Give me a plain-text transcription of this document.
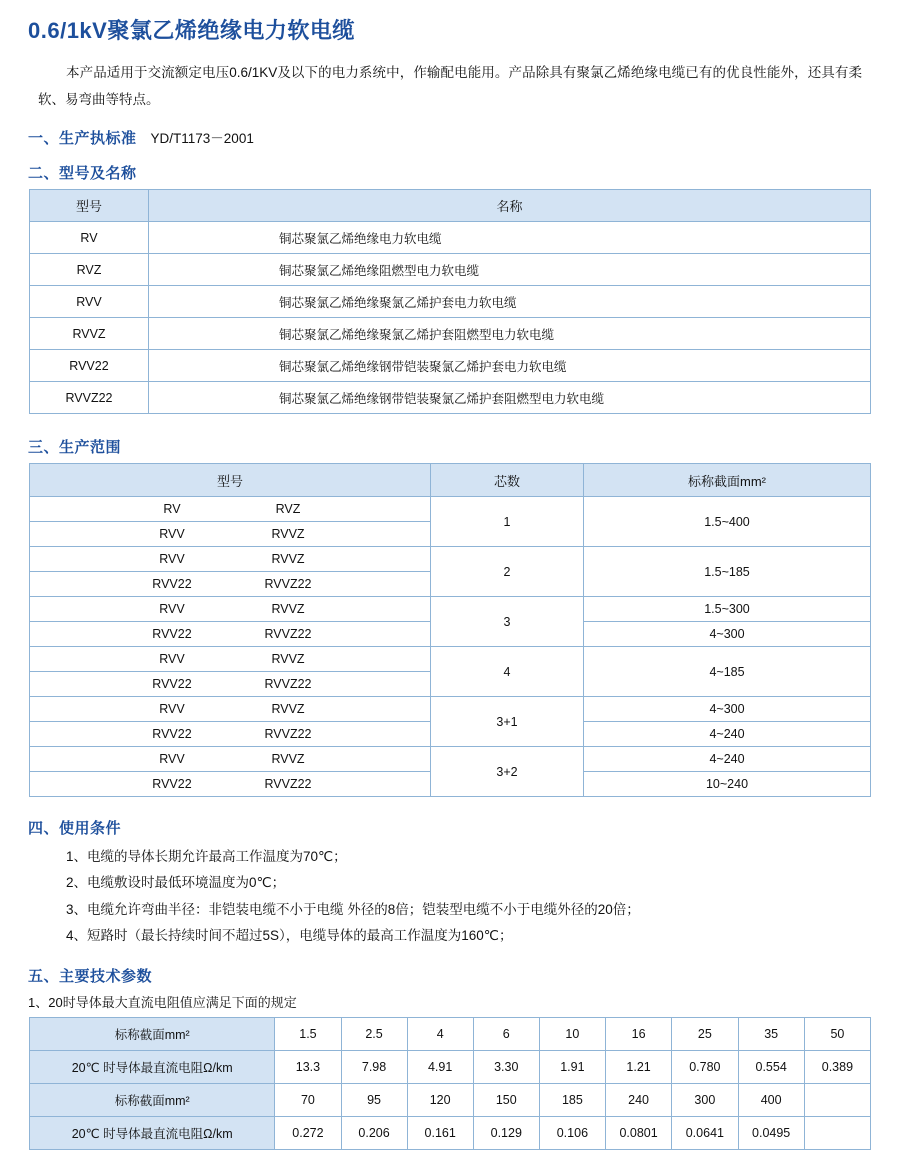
0.6/1kV聚氯乙烯绝缘电力软电缆
本产品适用于交流额定电压0.6/1KV及以下的电力系统中，作输配电能用。产品除具有聚氯乙烯绝缘电缆已有的优良性能外，还具有柔软、易弯曲等特点。
一、生产执标准 YD/T1173－2001
二、型号及名称
型号	名称
RV	铜芯聚氯乙烯绝缘电力软电缆
RVZ	铜芯聚氯乙烯绝缘阻燃型电力软电缆
RVV	铜芯聚氯乙烯绝缘聚氯乙烯护套电力软电缆
RVVZ	铜芯聚氯乙烯绝缘聚氯乙烯护套阻燃型电力软电缆
RVV22	铜芯聚氯乙烯绝缘钢带铠装聚氯乙烯护套电力软电缆
RVVZ22	铜芯聚氯乙烯绝缘钢带铠装聚氯乙烯护套阻燃型电力软电缆
三、生产范围
型号	芯数	标称截面mm²

RV RVZ	1	1.5~400

RVV RVVZ		

RVV RVVZ	2	1.5~185

RVV22 RVVZ22		

RVV RVVZ	3	1.5~300

RVV22 RVVZ22		4~300

RVV RVVZ	4	4~185

RVV22 RVVZ22		

RVV RVVZ	3+1	4~300

RVV22 RVVZ22		4~240

RVV RVVZ	3+2	4~240

RVV22 RVVZ22		10~240
四、使用条件
1、电缆的导体长期允许最高工作温度为70℃；
2、电缆敷设时最低环境温度为0℃；
3、电缆允许弯曲半径：非铠装电缆不小于电缆 外径的8倍；铠装型电缆不小于电缆外径的20倍；
4、短路时（最长持续时间不超过5S），电缆导体的最高工作温度为160℃；
五、主要技术参数
1、20时导体最大直流电阻值应满足下面的规定
标称截面mm²	1.5	2.5	4	6	10	16	25	35	50
20℃ 时导体最直流电阻Ω/km	13.3	7.98	4.91	3.30	1.91	1.21	0.780	0.554	0.389
标称截面mm²	70	95	120	150	185	240	300	400	
20℃ 时导体最直流电阻Ω/km	0.272	0.206	0.161	0.129	0.106	0.0801	0.0641	0.0495	
